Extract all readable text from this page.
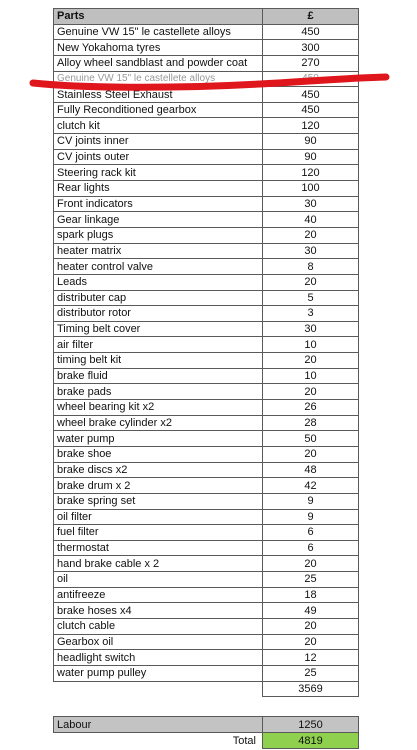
Parts	£
Genuine VW 15" le castellete alloys	450
New Yokahoma tyres	300
Alloy wheel sandblast and powder coat	270
Genuine VW 15" le castellete alloys	450
Stainless Steel Exhaust	450
Fully Reconditioned gearbox	450
clutch kit	120
CV joints inner	90
CV joints outer	90
Steering rack kit	120
Rear lights	100
Front indicators	30
Gear linkage	40
spark plugs	20
heater matrix	30
heater control valve	8
Leads	20
distributer cap	5
distributor rotor	3
Timing belt cover	30
air filter	10
timing belt kit	20
brake fluid	10
brake pads	20
wheel bearing kit x2	26
wheel brake cylinder x2	28
water pump	50
brake shoe	20
brake discs x2	48
brake drum x 2	42
brake spring set	9
oil filter	9
fuel filter	6
thermostat	6
hand brake cable x 2	20
oil	25
antifreeze	18
brake hoses x4	49
clutch cable	20
Gearbox oil	20
headlight switch	12
water pump pulley	25
	3569
Labour	1250
Total	4819
